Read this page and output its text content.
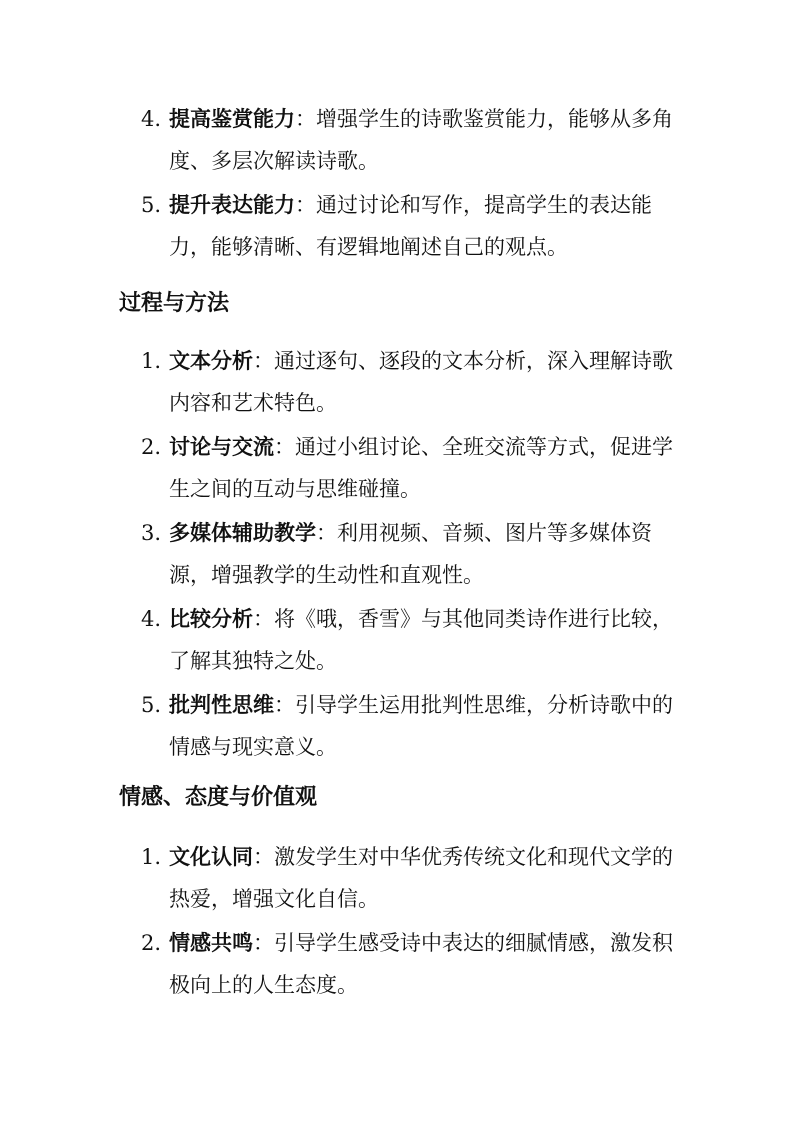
4. 提高鉴赏能力：增强学生的诗歌鉴赏能力，能够从多角度、多层次解读诗歌。
5. 提升表达能力：通过讨论和写作，提高学生的表达能力，能够清晰、有逻辑地阐述自己的观点。
过程与方法
1. 文本分析：通过逐句、逐段的文本分析，深入理解诗歌内容和艺术特色。
2. 讨论与交流：通过小组讨论、全班交流等方式，促进学生之间的互动与思维碰撞。
3. 多媒体辅助教学：利用视频、音频、图片等多媒体资源，增强教学的生动性和直观性。
4. 比较分析：将《哦，香雪》与其他同类诗作进行比较，了解其独特之处。
5. 批判性思维：引导学生运用批判性思维，分析诗歌中的情感与现实意义。
情感、态度与价值观
1. 文化认同：激发学生对中华优秀传统文化和现代文学的热爱，增强文化自信。
2. 情感共鸣：引导学生感受诗中表达的细腻情感，激发积极向上的人生态度。
